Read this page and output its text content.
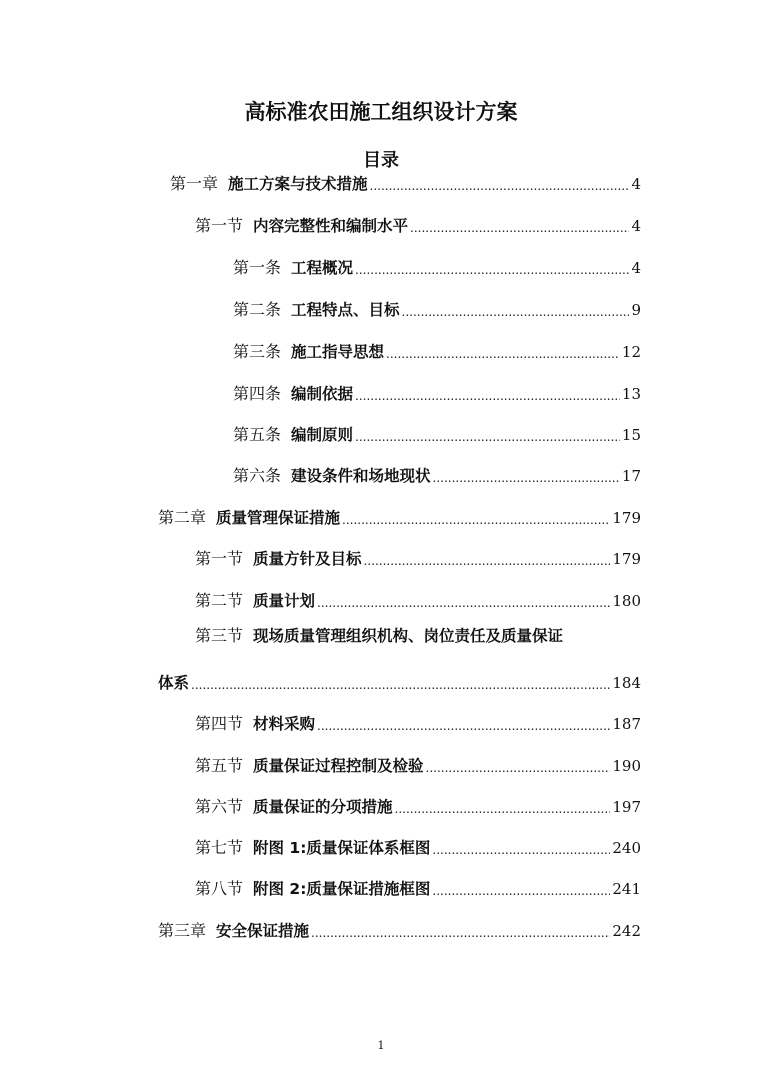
高标准农田施工组织设计方案
目录
第一章 施工方案与技术措施 .....	4
第一节 内容完整性和编制水平 .....	4
第一条 工程概况 .....	4
第二条 工程特点、目标 .....	9
第三条 施工指导思想 .....	12
第四条 编制依据 .....	13
第五条 编制原则 .....	15
第六条 建设条件和场地现状 .....	17
第二章 质量管理保证措施 .....	179
第一节 质量方针及目标 .....	179
第二节 质量计划 .....	180
第三节 现场质量管理组织机构、岗位责任及质量保证
体系 .....	184
第四节 材料采购 .....	187
第五节 质量保证过程控制及检验 .....	190
第六节 质量保证的分项措施 .....	197
第七节 附图 1:质量保证体系框图 .....	240
第八节 附图 2:质量保证措施框图 .....	241
第三章 安全保证措施 .....	242
1
